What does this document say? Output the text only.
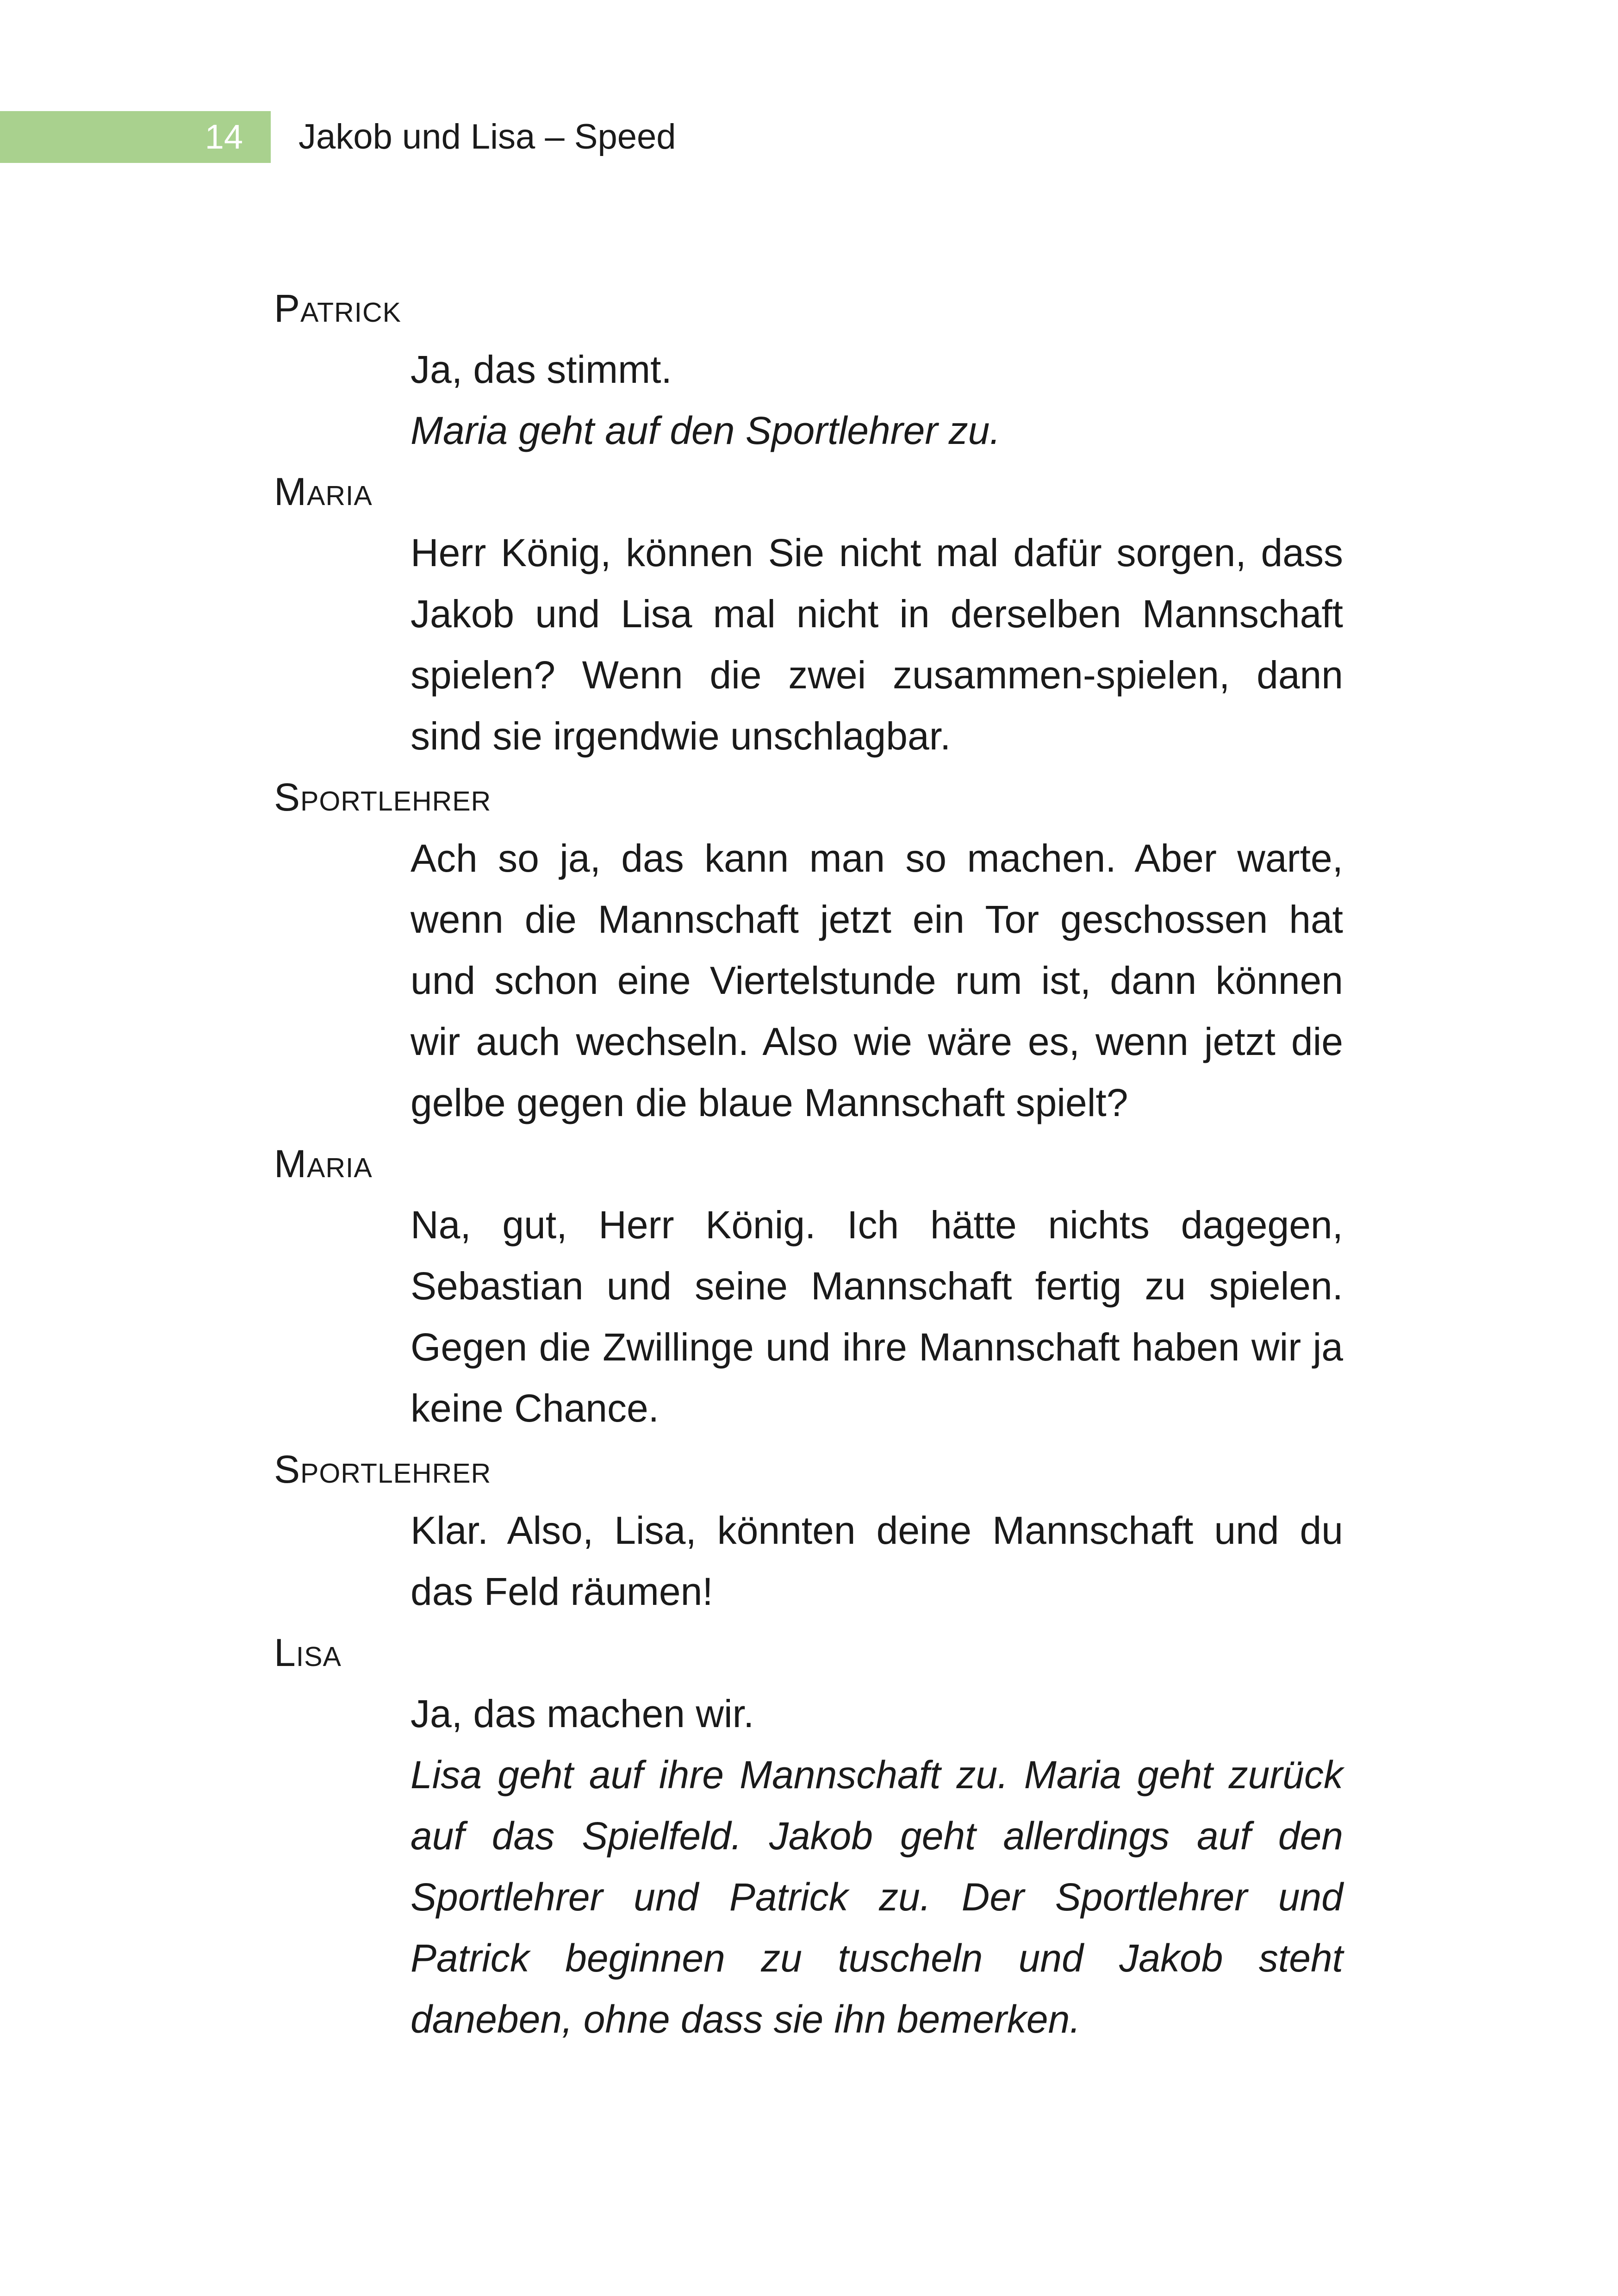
14 Jakob und Lisa – Speed
Patrick
Ja, das stimmt.
Maria geht auf den Sportlehrer zu.
Maria
Herr König, können Sie nicht mal dafür sorgen, dass Jakob und Lisa mal nicht in derselben Mannschaft spielen? Wenn die zwei zusammen-spielen, dann sind sie irgendwie unschlagbar.
Sportlehrer
Ach so ja, das kann man so machen. Aber warte, wenn die Mannschaft jetzt ein Tor geschossen hat und schon eine Viertelstunde rum ist, dann können wir auch wechseln. Also wie wäre es, wenn jetzt die gelbe gegen die blaue Mannschaft spielt?
Maria
Na, gut, Herr König. Ich hätte nichts dagegen, Sebastian und seine Mannschaft fertig zu spielen. Gegen die Zwillinge und ihre Mannschaft haben wir ja keine Chance.
Sportlehrer
Klar. Also, Lisa, könnten deine Mannschaft und du das Feld räumen!
Lisa
Ja, das machen wir.
Lisa geht auf ihre Mannschaft zu. Maria geht zurück auf das Spielfeld. Jakob geht allerdings auf den Sportlehrer und Patrick zu. Der Sportlehrer und Patrick beginnen zu tuscheln und Jakob steht daneben, ohne dass sie ihn bemerken.
